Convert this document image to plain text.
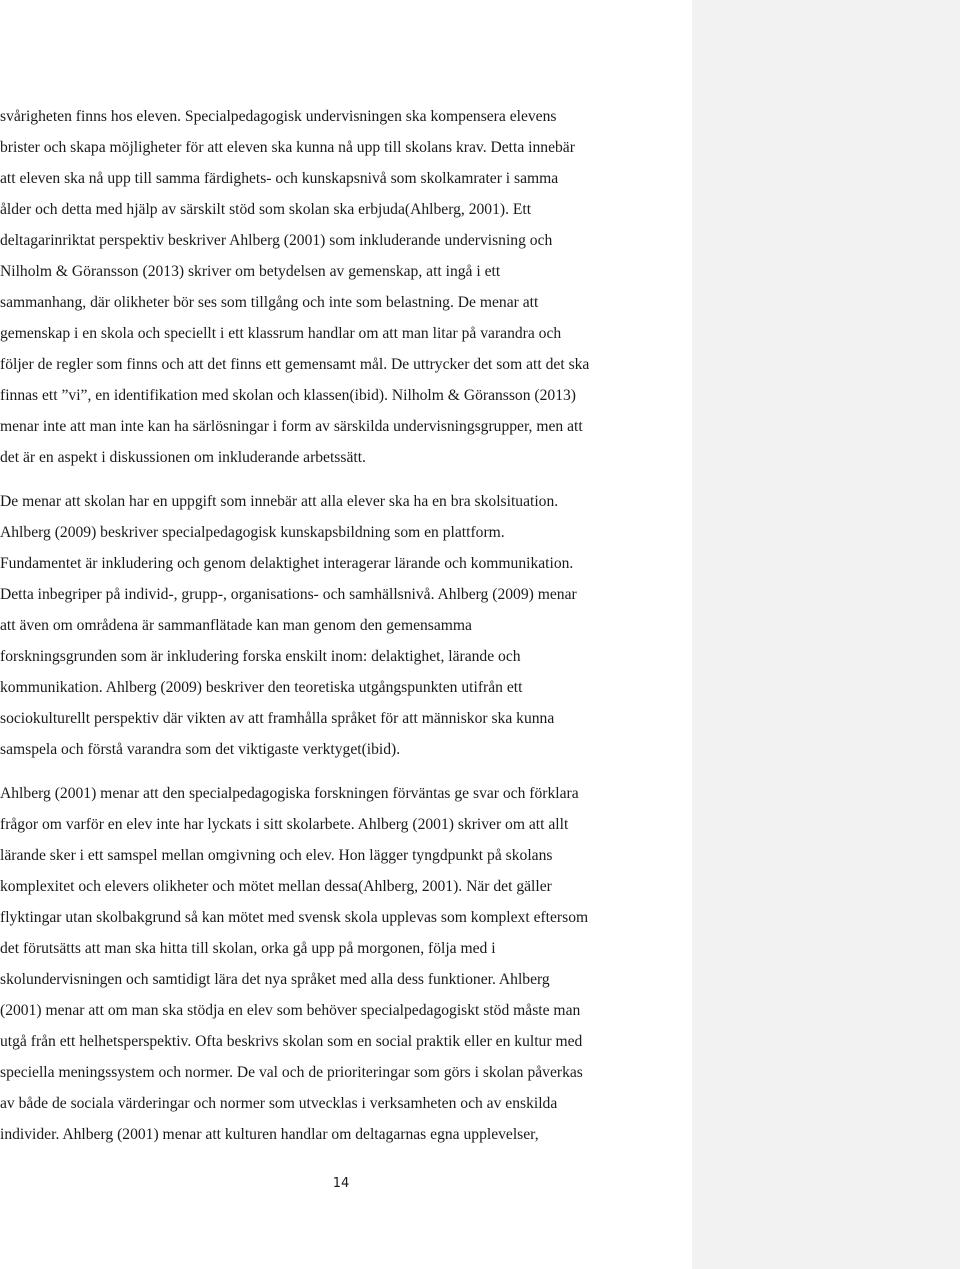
svårigheten finns hos eleven. Specialpedagogisk undervisningen ska kompensera elevens
brister och skapa möjligheter för att eleven ska kunna nå upp till skolans krav. Detta innebär
att eleven ska nå upp till samma färdighets- och kunskapsnivå som skolkamrater i samma
ålder och detta med hjälp av särskilt stöd som skolan ska erbjuda(Ahlberg, 2001). Ett
deltagarinriktat perspektiv beskriver Ahlberg (2001) som inkluderande undervisning och
Nilholm & Göransson (2013) skriver om betydelsen av gemenskap, att ingå i ett
sammanhang, där olikheter bör ses som tillgång och inte som belastning. De menar att
gemenskap i en skola och speciellt i ett klassrum handlar om att man litar på varandra och
följer de regler som finns och att det finns ett gemensamt mål. De uttrycker det som att det ska
finnas ett ”vi”, en identifikation med skolan och klassen(ibid). Nilholm & Göransson (2013)
menar inte att man inte kan ha särlösningar i form av särskilda undervisningsgrupper, men att
det är en aspekt i diskussionen om inkluderande arbetssätt.

De menar att skolan har en uppgift som innebär att alla elever ska ha en bra skolsituation.
Ahlberg (2009) beskriver specialpedagogisk kunskapsbildning som en plattform.
Fundamentet är inkludering och genom delaktighet interagerar lärande och kommunikation.
Detta inbegriper på individ-, grupp-, organisations- och samhällsnivå. Ahlberg (2009) menar
att även om områdena är sammanflätade kan man genom den gemensamma
forskningsgrunden som är inkludering forska enskilt inom: delaktighet, lärande och
kommunikation. Ahlberg (2009) beskriver den teoretiska utgångspunkten utifrån ett
sociokulturellt perspektiv där vikten av att framhålla språket för att människor ska kunna
samspela och förstå varandra som det viktigaste verktyget(ibid).

Ahlberg (2001) menar att den specialpedagogiska forskningen förväntas ge svar och förklara
frågor om varför en elev inte har lyckats i sitt skolarbete. Ahlberg (2001) skriver om att allt
lärande sker i ett samspel mellan omgivning och elev. Hon lägger tyngdpunkt på skolans
komplexitet och elevers olikheter och mötet mellan dessa(Ahlberg, 2001). När det gäller
flyktingar utan skolbakgrund så kan mötet med svensk skola upplevas som komplext eftersom
det förutsätts att man ska hitta till skolan, orka gå upp på morgonen, följa med i
skolundervisningen och samtidigt lära det nya språket med alla dess funktioner. Ahlberg
(2001) menar att om man ska stödja en elev som behöver specialpedagogiskt stöd måste man
utgå från ett helhetsperspektiv. Ofta beskrivs skolan som en social praktik eller en kultur med
speciella meningssystem och normer. De val och de prioriteringar som görs i skolan påverkas
av både de sociala värderingar och normer som utvecklas i verksamheten och av enskilda
individer. Ahlberg (2001) menar att kulturen handlar om deltagarnas egna upplevelser,

14
